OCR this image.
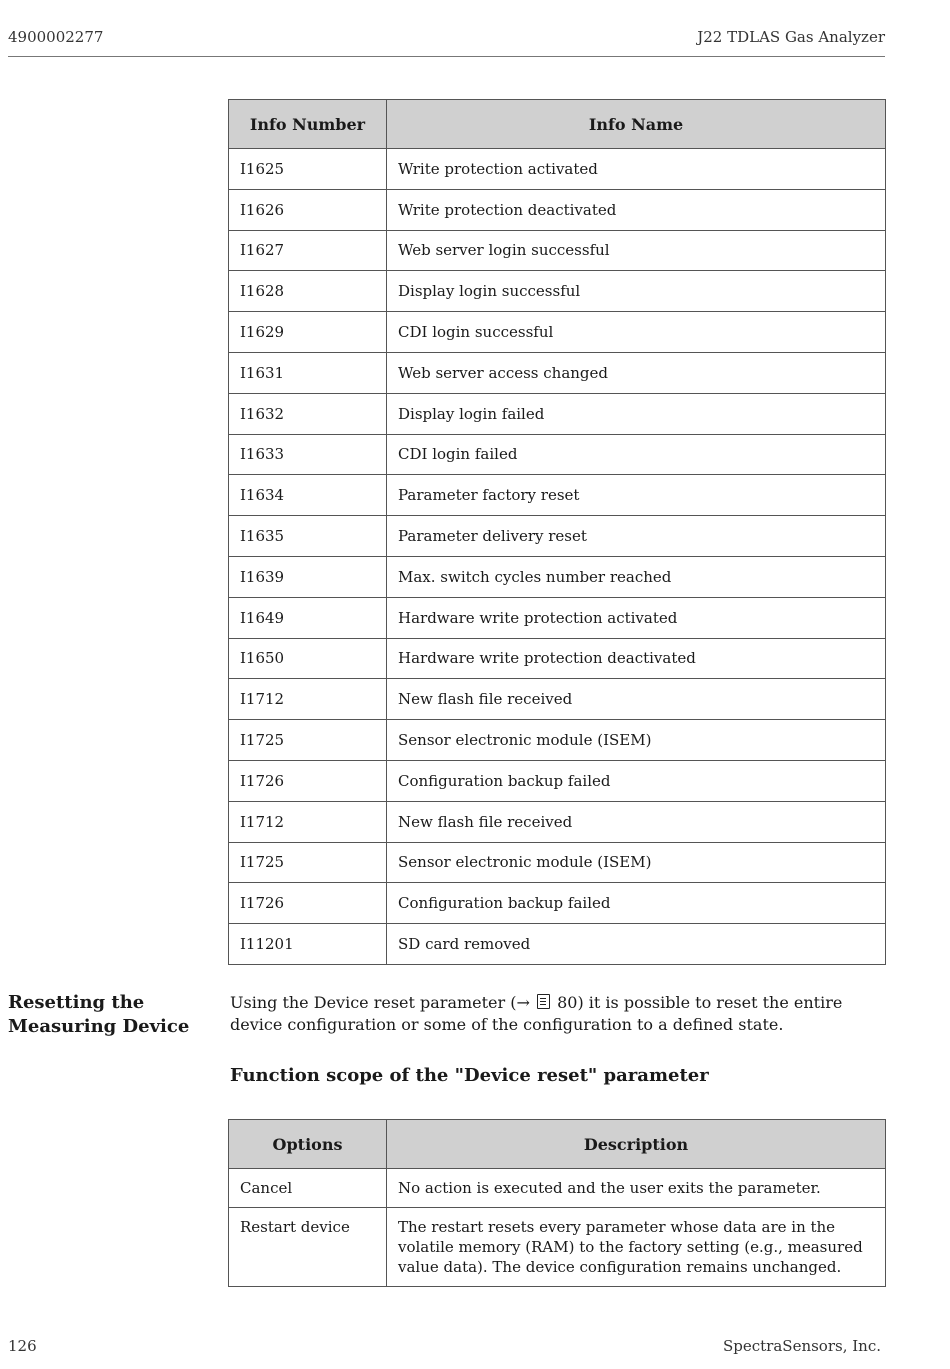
4900002277	J22 TDLAS Gas Analyzer
Info Number	Info Name
I1625	Write protection activated
I1626	Write protection deactivated
I1627	Web server login successful
I1628	Display login successful
I1629	CDI login successful
I1631	Web server access changed
I1632	Display login failed
I1633	CDI login failed
I1634	Parameter factory reset
I1635	Parameter delivery reset
I1639	Max. switch cycles number reached
I1649	Hardware write protection activated
I1650	Hardware write protection deactivated
I1712	New flash file received
I1725	Sensor electronic module (ISEM)
I1726	Configuration backup failed
I1712	New flash file received
I1725	Sensor electronic module (ISEM)
I1726	Configuration backup failed
I11201	SD card removed
Resetting the Measuring Device
Using the Device reset parameter (→  80) it is possible to reset the entire device configuration or some of the configuration to a defined state.
Function scope of the "Device reset" parameter
Options	Description
Cancel	No action is executed and the user exits the parameter.
Restart device	The restart resets every parameter whose data are in the volatile memory (RAM) to the factory setting (e.g., measured value data). The device configuration remains unchanged.
126	SpectraSensors, Inc.
